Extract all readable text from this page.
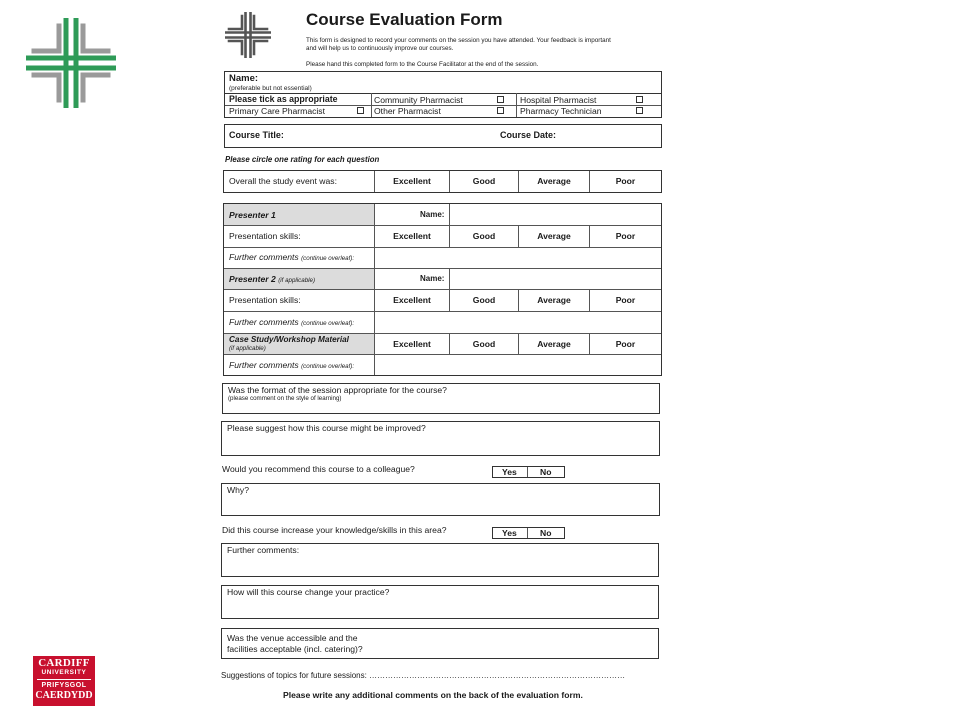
CARDIFF
UNIVERSITY
PRIFYSGOL
CAERDYDD
Course Evaluation Form
This form is designed to record your comments on the session you have attended. Your feedback is important
and will help us to continuously improve our courses.
Please hand this completed form to the Course Facilitator at the end of the session.
Name:
(preferable but not essential)
Please tick as appropriate	Community Pharmacist	Hospital Pharmacist
Primary Care Pharmacist	Other Pharmacist	Pharmacy Technician
Course Title:	Course Date:
Please circle one rating for each question
Overall the study event was:	Excellent	Good	Average	Poor
Presenter 1	Name:
Presentation skills:	Excellent	Good	Average	Poor
Further comments (continue overleaf):
Presenter 2 (if applicable)	Name:
Presentation skills:	Excellent	Good	Average	Poor
Further comments (continue overleaf):
Case Study/Workshop Material
(if applicable)	Excellent	Good	Average	Poor
Further comments (continue overleaf):
Was the format of the session appropriate for the course?
(please comment on the style of learning)
Please suggest how this course might be improved?
Would you recommend this course to a colleague?	Yes	No
Why?
Did this course increase your knowledge/skills in this area?	Yes	No
Further comments:
How will this course change your practice?
Was the venue accessible and the
facilities acceptable (incl. catering)?
Suggestions of topics for future sessions: ……………………………………………………………………………………
Please write any additional comments on the back of the evaluation form.
